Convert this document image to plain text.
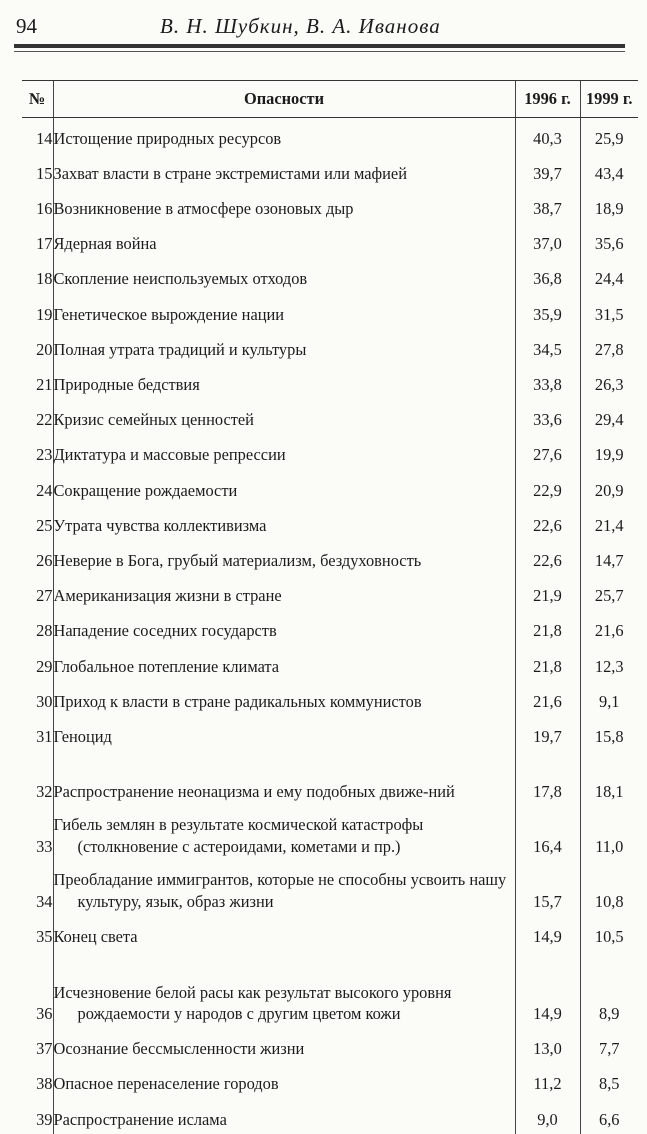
94	В. Н. Шубкин, В. А. Иванова
№	Опасности	1996 г.	1999 г.
14	Истощение природных ресурсов	40,3	25,9
15	Захват власти в стране экстремистами или мафией	39,7	43,4
16	Возникновение в атмосфере озоновых дыр	38,7	18,9
17	Ядерная война	37,0	35,6
18	Скопление неиспользуемых отходов	36,8	24,4
19	Генетическое вырождение нации	35,9	31,5
20	Полная утрата традиций и культуры	34,5	27,8
21	Природные бедствия	33,8	26,3
22	Кризис семейных ценностей	33,6	29,4
23	Диктатура и массовые репрессии	27,6	19,9
24	Сокращение рождаемости	22,9	20,9
25	Утрата чувства коллективизма	22,6	21,4
26	Неверие в Бога, грубый материализм, бездуховность	22,6	14,7
27	Американизация жизни в стране	21,9	25,7
28	Нападение соседних государств	21,8	21,6
29	Глобальное потепление климата	21,8	12,3
30	Приход к власти в стране радикальных коммунистов	21,6	9,1
31	Геноцид	19,7	15,8
32	Распространение неонацизма и ему подобных движе-ний	17,8	18,1
33	Гибель землян в результате космической катастрофы (столкновение с астероидами, кометами и пр.)	16,4	11,0
34	Преобладание иммигрантов, которые не способны усвоить нашу культуру, язык, образ жизни	15,7	10,8
35	Конец света	14,9	10,5
36	Исчезновение белой расы как результат высокого уровня рождаемости у народов с другим цветом кожи	14,9	8,9
37	Осознание бессмысленности жизни	13,0	7,7
38	Опасное перенаселение городов	11,2	8,5
39	Распространение ислама	9,0	6,6
